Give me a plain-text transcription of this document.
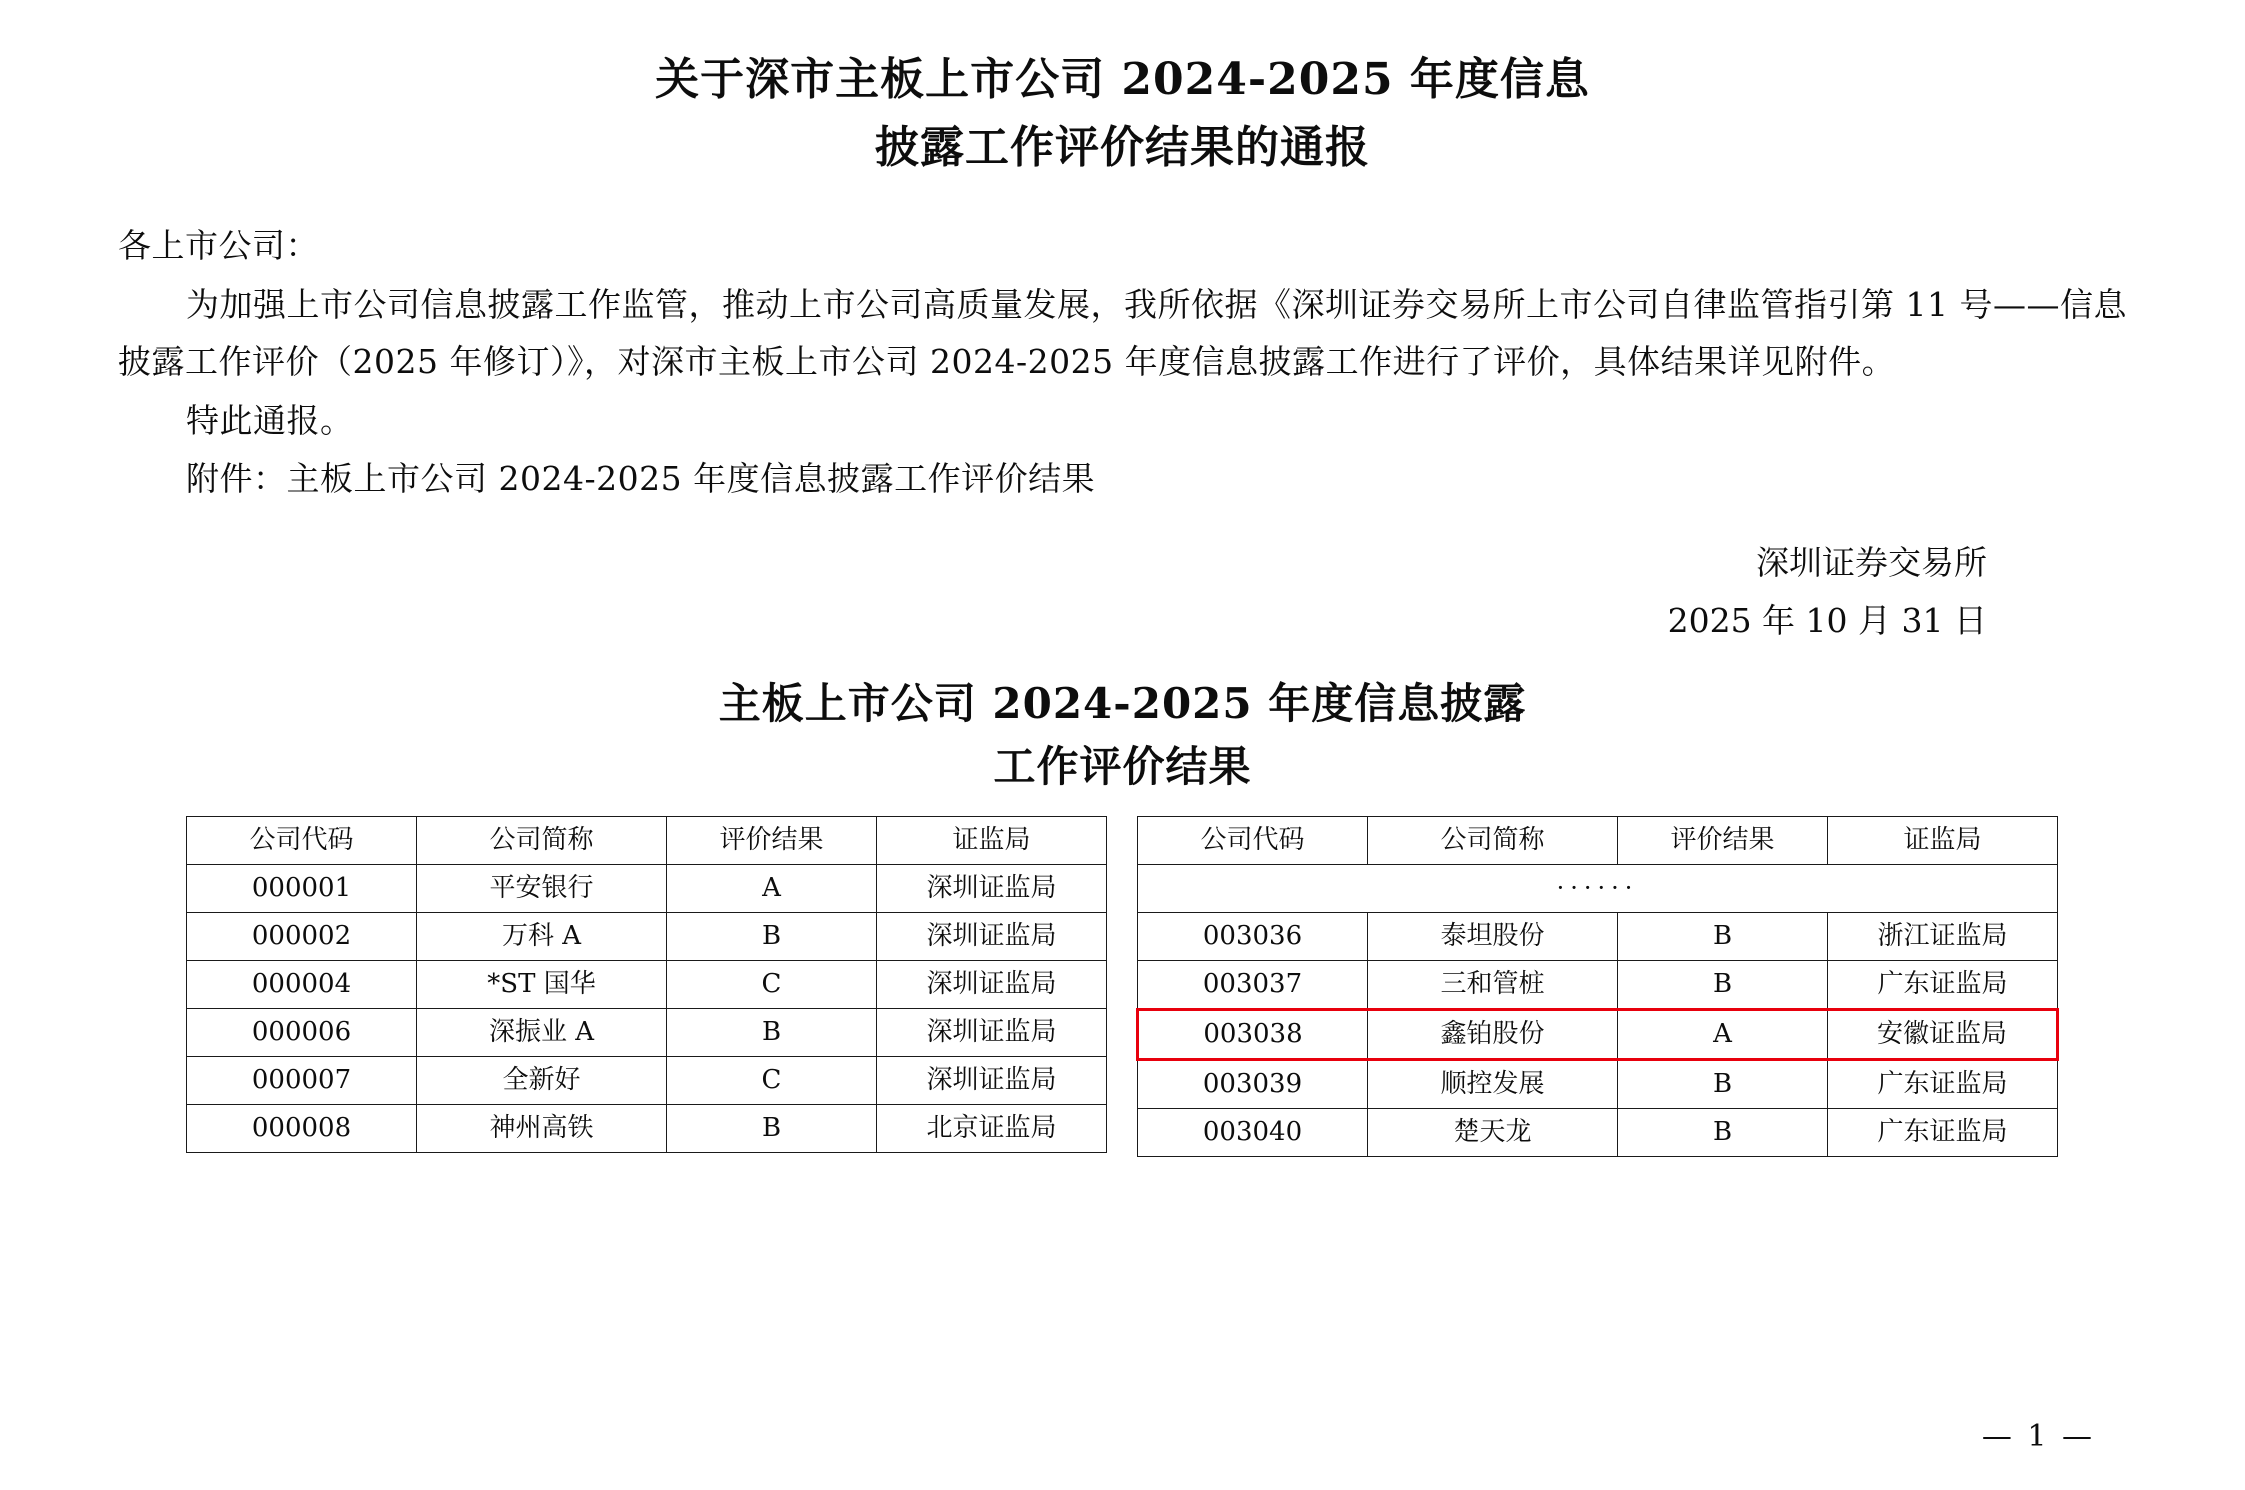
关于深市主板上市公司 2024-2025 年度信息
披露工作评价结果的通报

各上市公司：

为加强上市公司信息披露工作监管，推动上市公司高质量发展，我所依据《深圳证券交易所上市公司自律监管指引第 11 号——信息披露工作评价（2025 年修订）》，对深市主板上市公司 2024-2025 年度信息披露工作进行了评价，具体结果详见附件。

特此通报。

附件：主板上市公司 2024-2025 年度信息披露工作评价结果

深圳证券交易所
2025 年 10 月 31 日
主板上市公司 2024-2025 年度信息披露
工作评价结果
公司代码	公司简称	评价结果	证监局
000001	平安银行	A	深圳证监局
000002	万科 A	B	深圳证监局
000004	*ST 国华	C	深圳证监局
000006	深振业 A	B	深圳证监局
000007	全新好	C	深圳证监局
000008	神州高铁	B	北京证监局
公司代码	公司简称	评价结果	证监局
······			
003036	泰坦股份	B	浙江证监局
003037	三和管桩	B	广东证监局
003038	鑫铂股份	A	安徽证监局
003039	顺控发展	B	广东证监局
003040	楚天龙	B	广东证监局
— 1 —
